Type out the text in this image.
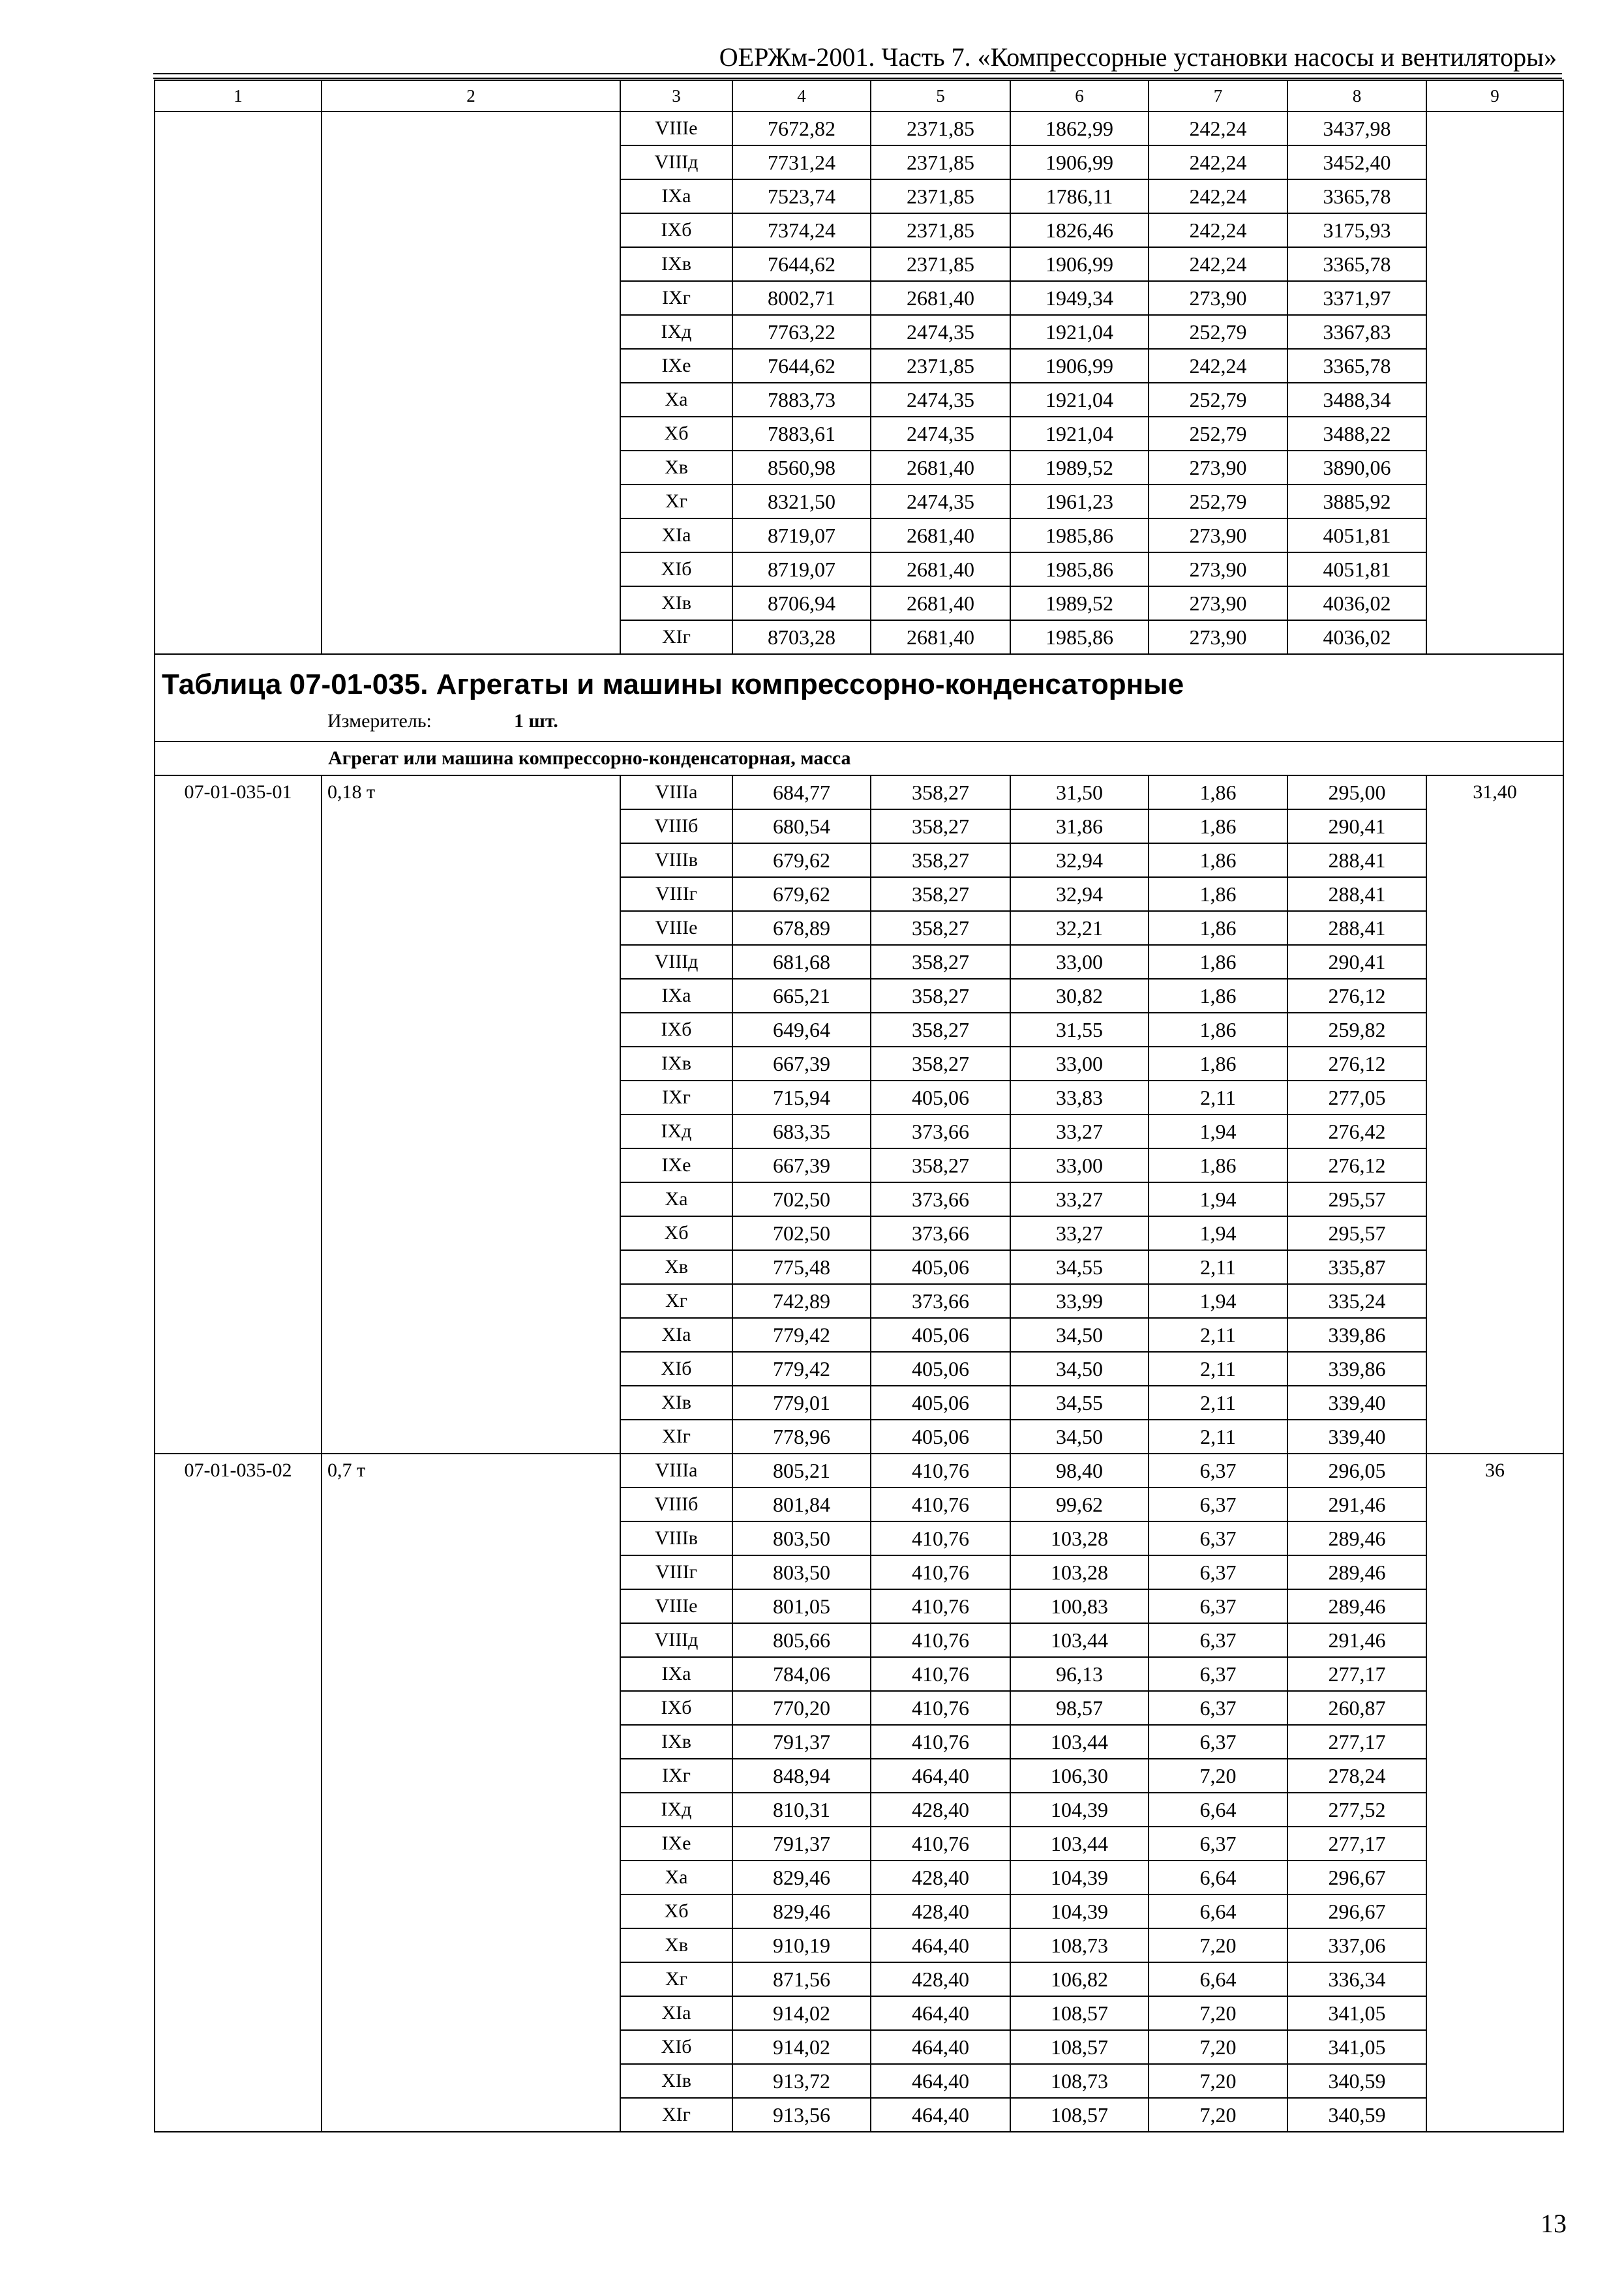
ОЕРЖм-2001. Часть 7. «Компрессорные установки насосы и вентиляторы»
1	2	3	4	5	6	7	8	9
		VIIIе	7672,82	2371,85	1862,99	242,24	3437,98	
		VIIIд	7731,24	2371,85	1906,99	242,24	3452,40	
		IXа	7523,74	2371,85	1786,11	242,24	3365,78	
		IXб	7374,24	2371,85	1826,46	242,24	3175,93	
		IXв	7644,62	2371,85	1906,99	242,24	3365,78	
		IXг	8002,71	2681,40	1949,34	273,90	3371,97	
		IXд	7763,22	2474,35	1921,04	252,79	3367,83	
		IXе	7644,62	2371,85	1906,99	242,24	3365,78	
		Xа	7883,73	2474,35	1921,04	252,79	3488,34	
		Xб	7883,61	2474,35	1921,04	252,79	3488,22	
		Xв	8560,98	2681,40	1989,52	273,90	3890,06	
		Xг	8321,50	2474,35	1961,23	252,79	3885,92	
		XIа	8719,07	2681,40	1985,86	273,90	4051,81	
		XIб	8719,07	2681,40	1985,86	273,90	4051,81	
		XIв	8706,94	2681,40	1989,52	273,90	4036,02	
		XIг	8703,28	2681,40	1985,86	273,90	4036,02	

Таблица 07-01-035. Агрегаты и машины компрессорно-конденсаторные
Измеритель: 1 шт.								

Агрегат или машина компрессорно-конденсаторная, масса								
07-01-035-01	0,18 т	VIIIа	684,77	358,27	31,50	1,86	295,00	31,40
		VIIIб	680,54	358,27	31,86	1,86	290,41	
		VIIIв	679,62	358,27	32,94	1,86	288,41	
		VIIIг	679,62	358,27	32,94	1,86	288,41	
		VIIIе	678,89	358,27	32,21	1,86	288,41	
		VIIIд	681,68	358,27	33,00	1,86	290,41	
		IXа	665,21	358,27	30,82	1,86	276,12	
		IXб	649,64	358,27	31,55	1,86	259,82	
		IXв	667,39	358,27	33,00	1,86	276,12	
		IXг	715,94	405,06	33,83	2,11	277,05	
		IXд	683,35	373,66	33,27	1,94	276,42	
		IXе	667,39	358,27	33,00	1,86	276,12	
		Xа	702,50	373,66	33,27	1,94	295,57	
		Xб	702,50	373,66	33,27	1,94	295,57	
		Xв	775,48	405,06	34,55	2,11	335,87	
		Xг	742,89	373,66	33,99	1,94	335,24	
		XIа	779,42	405,06	34,50	2,11	339,86	
		XIб	779,42	405,06	34,50	2,11	339,86	
		XIв	779,01	405,06	34,55	2,11	339,40	
		XIг	778,96	405,06	34,50	2,11	339,40	
07-01-035-02	0,7 т	VIIIа	805,21	410,76	98,40	6,37	296,05	36
		VIIIб	801,84	410,76	99,62	6,37	291,46	
		VIIIв	803,50	410,76	103,28	6,37	289,46	
		VIIIг	803,50	410,76	103,28	6,37	289,46	
		VIIIе	801,05	410,76	100,83	6,37	289,46	
		VIIIд	805,66	410,76	103,44	6,37	291,46	
		IXа	784,06	410,76	96,13	6,37	277,17	
		IXб	770,20	410,76	98,57	6,37	260,87	
		IXв	791,37	410,76	103,44	6,37	277,17	
		IXг	848,94	464,40	106,30	7,20	278,24	
		IXд	810,31	428,40	104,39	6,64	277,52	
		IXе	791,37	410,76	103,44	6,37	277,17	
		Xа	829,46	428,40	104,39	6,64	296,67	
		Xб	829,46	428,40	104,39	6,64	296,67	
		Xв	910,19	464,40	108,73	7,20	337,06	
		Xг	871,56	428,40	106,82	6,64	336,34	
		XIа	914,02	464,40	108,57	7,20	341,05	
		XIб	914,02	464,40	108,57	7,20	341,05	
		XIв	913,72	464,40	108,73	7,20	340,59	
		XIг	913,56	464,40	108,57	7,20	340,59	
13
